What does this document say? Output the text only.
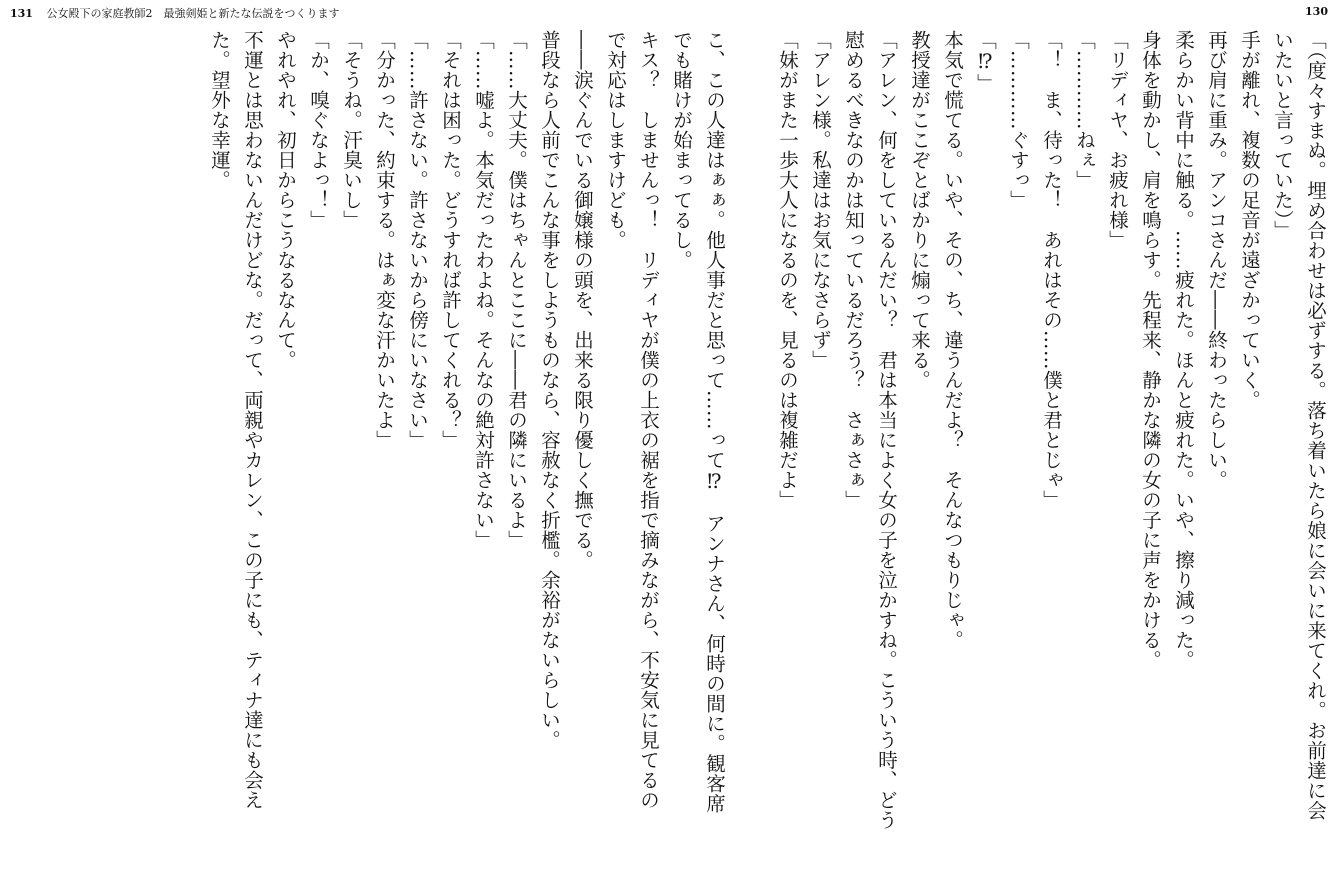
131 公女殿下の家庭教師2　最強剣姫と新たな伝説をつくります	130
「（度々すまぬ。埋め合わせは必ずする。落ち着いたら娘に会いに来てくれ。お前達に会
いたいと言っていた）」
手が離れ、複数の足音が遠ざかっていく。
再び肩に重み。アンコさんだ――終わったらしい。
柔らかい背中に触る。……疲れた。ほんと疲れた。いや、擦り減った。
身体を動かし、肩を鳴らす。先程来、静かな隣の女の子に声をかける。
「リディヤ、お疲れ様」
「…………ねぇ」
「！　ま、待った！　あれはその……僕と君とじゃ」
「…………ぐすっ」
「⁉」
本気で慌てる。いや、その、ち、違うんだよ？　そんなつもりじゃ。
教授達がここぞとばかりに煽って来る。
「アレン、何をしているんだい？　君は本当によく女の子を泣かすね。こういう時、どう
慰めるべきなのかは知っているだろう？　さぁさぁ」
「アレン様。私達はお気になさらず」
「妹がまた一歩大人になるのを、見るのは複雑だよ」
こ、この人達はぁぁ。他人事だと思って……って⁉　アンナさん、何時の間に。観客席
でも賭けが始まってるし。
キス？　しませんっ！　リディヤが僕の上衣の裾を指で摘みながら、不安気に見てるの
で対応はしますけども。
――涙ぐんでいる御嬢様の頭を、出来る限り優しく撫でる。
普段なら人前でこんな事をしようものなら、容赦なく折檻。余裕がないらしい。
「……大丈夫。僕はちゃんとここに――君の隣にいるよ」
「……嘘よ。本気だったわよね。そんなの絶対許さない」
「それは困った。どうすれば許してくれる？」
「……許さない。許さないから傍にいなさい」
「分かった、約束する。はぁ変な汗かいたよ」
「そうね。汗臭いし」
「か、嗅ぐなよっ！」
やれやれ、初日からこうなるなんて。
不運とは思わないんだけどな。だって、両親やカレン、この子にも、ティナ達にも会え
た。望外な幸運。
